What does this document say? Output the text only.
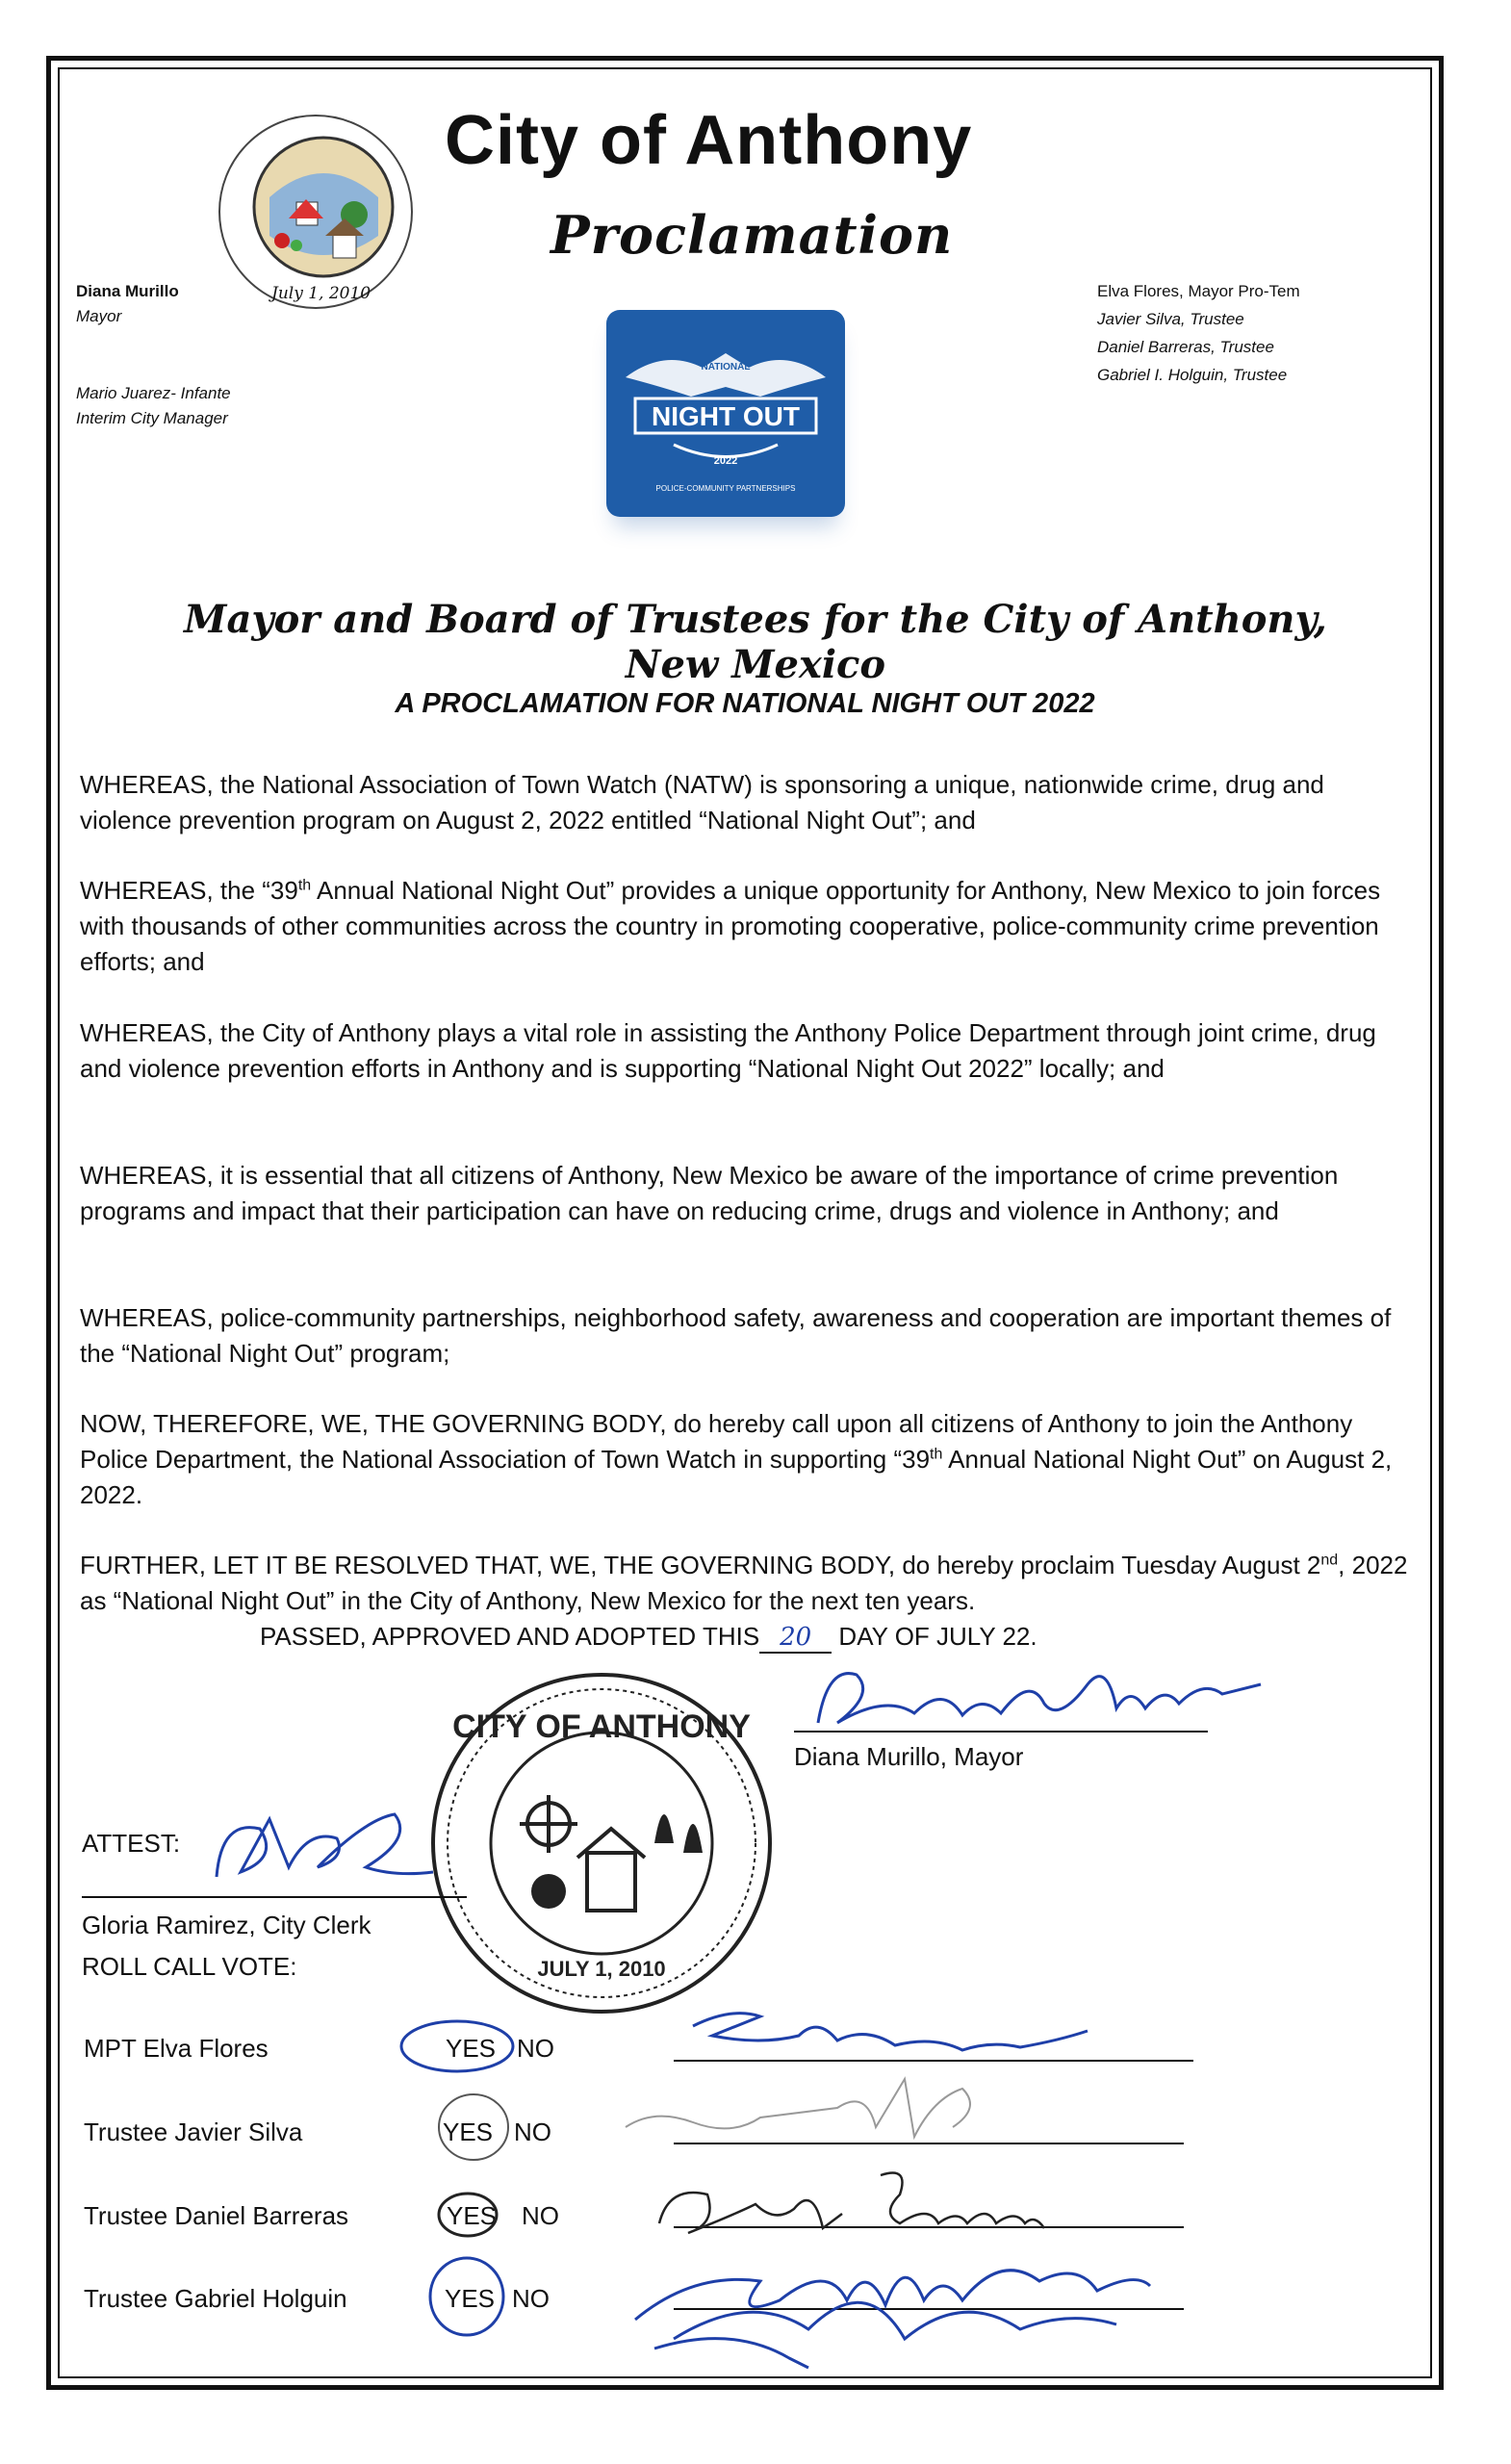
City of Anthony
Proclamation
Diana Murillo
Mayor
Mario Juarez- Infante
Interim City Manager
July 1, 2010	Elva Flores, Mayor Pro-Tem
Javier Silva, Trustee
Daniel Barreras, Trustee
Gabriel I. Holguin, Trustee
NIGHT OUT
NATIONAL
2022
POLICE-COMMUNITY PARTNERSHIPS
Mayor and Board of Trustees for the City of Anthony, New Mexico
A PROCLAMATION FOR NATIONAL NIGHT OUT 2022
WHEREAS, the National Association of Town Watch (NATW) is sponsoring a unique, nationwide crime, drug and violence prevention program on August 2, 2022 entitled “National Night Out”; and
WHEREAS, the “39th Annual National Night Out” provides a unique opportunity for Anthony, New Mexico to join forces with thousands of other communities across the country in promoting cooperative, police-community crime prevention efforts; and
WHEREAS, the City of Anthony plays a vital role in assisting the Anthony Police Department through joint crime, drug and violence prevention efforts in Anthony and is supporting “National Night Out 2022” locally; and
WHEREAS, it is essential that all citizens of Anthony, New Mexico be aware of the importance of crime prevention programs and impact that their participation can have on reducing crime, drugs and violence in Anthony; and
WHEREAS, police-community partnerships, neighborhood safety, awareness and cooperation are important themes of the “National Night Out” program;
NOW, THEREFORE, WE, THE GOVERNING BODY, do hereby call upon all citizens of Anthony to join the Anthony Police Department, the National Association of Town Watch in supporting “39th Annual National Night Out” on August 2, 2022.
FURTHER, LET IT BE RESOLVED THAT, WE, THE GOVERNING BODY, do hereby proclaim Tuesday August 2nd, 2022 as “National Night Out” in the City of Anthony, New Mexico for the next ten years.
PASSED, APPROVED AND ADOPTED THIS 20 DAY OF JULY 22.
Diana Murillo, Mayor
CITY OF ANTHONY
JULY 1, 2010
ATTEST:
Gloria Ramirez, City Clerk
ROLL CALL VOTE:
MPT Elva Flores	YES NO
Trustee Javier Silva	YES NO
Trustee Daniel Barreras	YES NO
Trustee Gabriel Holguin	YES NO
